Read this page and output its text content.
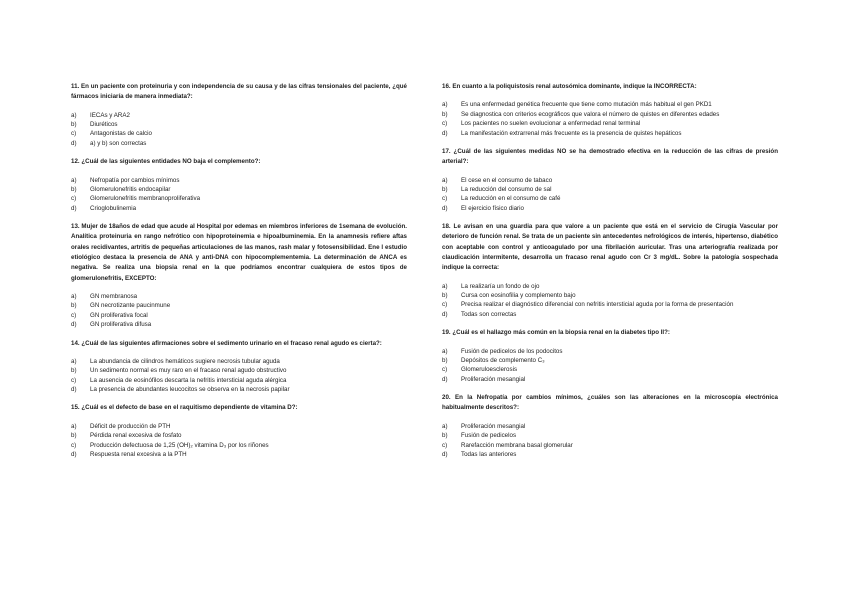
11. En un paciente con proteinuria y con independencia de su causa y de las cifras tensionales del paciente, ¿qué fármacos iniciaría de manera inmediata?:

a)	IECAs y ARA2
b)	Diuréticos
c)	Antagonistas de calcio
d)	a) y b) son correctas

12. ¿Cuál de las siguientes entidades NO baja el complemento?:

a)	Nefropatía por cambios mínimos
b)	Glomerulonefritis endocapilar
c)	Glomerulonefritis membranoproliferativa
d)	Crioglobulinemia

13. Mujer de 18años de edad que acude al Hospital por edemas en miembros inferiores de 1semana de evolución. Analítica proteinuria en rango nefrótico con hipoproteinemia e hipoalbuminemia. En la anamnesis refiere aftas orales recidivantes, artritis de pequeñas articulaciones de las manos, rash malar y fotosensibilidad. Ene l estudio etiológico destaca la presencia de ANA y anti-DNA con hipocomplementemia. La determinación de ANCA es negativa. Se realiza una biopsia renal en la que podríamos encontrar cualquiera de estos tipos de glomerulonefritis, EXCEPTO:

a)	GN membranosa
b)	GN necrotizante paucinmune
c)	GN proliferativa focal
d)	GN proliferativa difusa

14. ¿Cuál de las siguientes afirmaciones sobre el sedimento urinario en el fracaso renal agudo es cierta?:

a)	La abundancia de cilindros hemáticos sugiere necrosis tubular aguda
b)	Un sedimento normal es muy raro en el fracaso renal agudo obstructivo
c)	La ausencia de eosinófilos descarta la nefritis intersticial aguda alérgica
d)	La presencia de abundantes leucocitos se observa en la necrosis papilar

15. ¿Cuál es el defecto de base en el raquitismo dependiente de vitamina D?:

a)	Déficit de producción de PTH
b)	Pérdida renal excesiva de fosfato
c)	Producción defectuosa de 1,25 (OH)₂ vitamina D₃ por los riñones
d)	Respuesta renal excesiva a la PTH

16. En cuanto a la poliquistosis renal autosómica dominante, indique la INCORRECTA:

a)	Es una enfermedad genética frecuente que tiene como mutación más habitual el gen PKD1
b)	Se diagnostica con criterios ecográficos que valora el número de quistes en diferentes edades
c)	Los pacientes no suelen evolucionar a enfermedad renal terminal
d)	La manifestación extrarrenal más frecuente es la presencia de quistes hepáticos

17. ¿Cuál de las siguientes medidas NO se ha demostrado efectiva en la reducción de las cifras de presión arterial?:

a)	El cese en el consumo de tabaco
b)	La reducción del consumo de sal
c)	La reducción en el consumo de café
d)	El ejercicio físico diario

18. Le avisan en una guardia para que valore a un paciente que está en el servicio de Cirugía Vascular por deterioro de función renal. Se trata de un paciente sin antecedentes nefrológicos de interés, hipertenso, diabético con aceptable con control y anticoagulado por una fibrilación auricular. Tras una arteriografía realizada por claudicación intermitente, desarrolla un fracaso renal agudo con Cr 3 mg/dL. Sobre la patología sospechada indique la correcta:

a)	La realizaría un fondo de ojo
b)	Cursa con eosinofilia y complemento bajo
c)	Precisa realizar el diagnóstico diferencial con nefritis intersticial aguda por la forma de presentación
d)	Todas son correctas

19. ¿Cuál es el hallazgo más común en la biopsia renal en la diabetes tipo II?:

a)	Fusión de pedicelos de los podocitos
b)	Depósitos de complemento C₃
c)	Glomeruloesclerosis
d)	Proliferación mesangial

20. En la Nefropatía por cambios mínimos, ¿cuáles son las alteraciones en la microscopía electrónica habitualmente descritos?:

a)	Proliferación mesangial
b)	Fusión de pedicelos
c)	Rarefacción membrana basal glomerular
d)	Todas las anteriores
